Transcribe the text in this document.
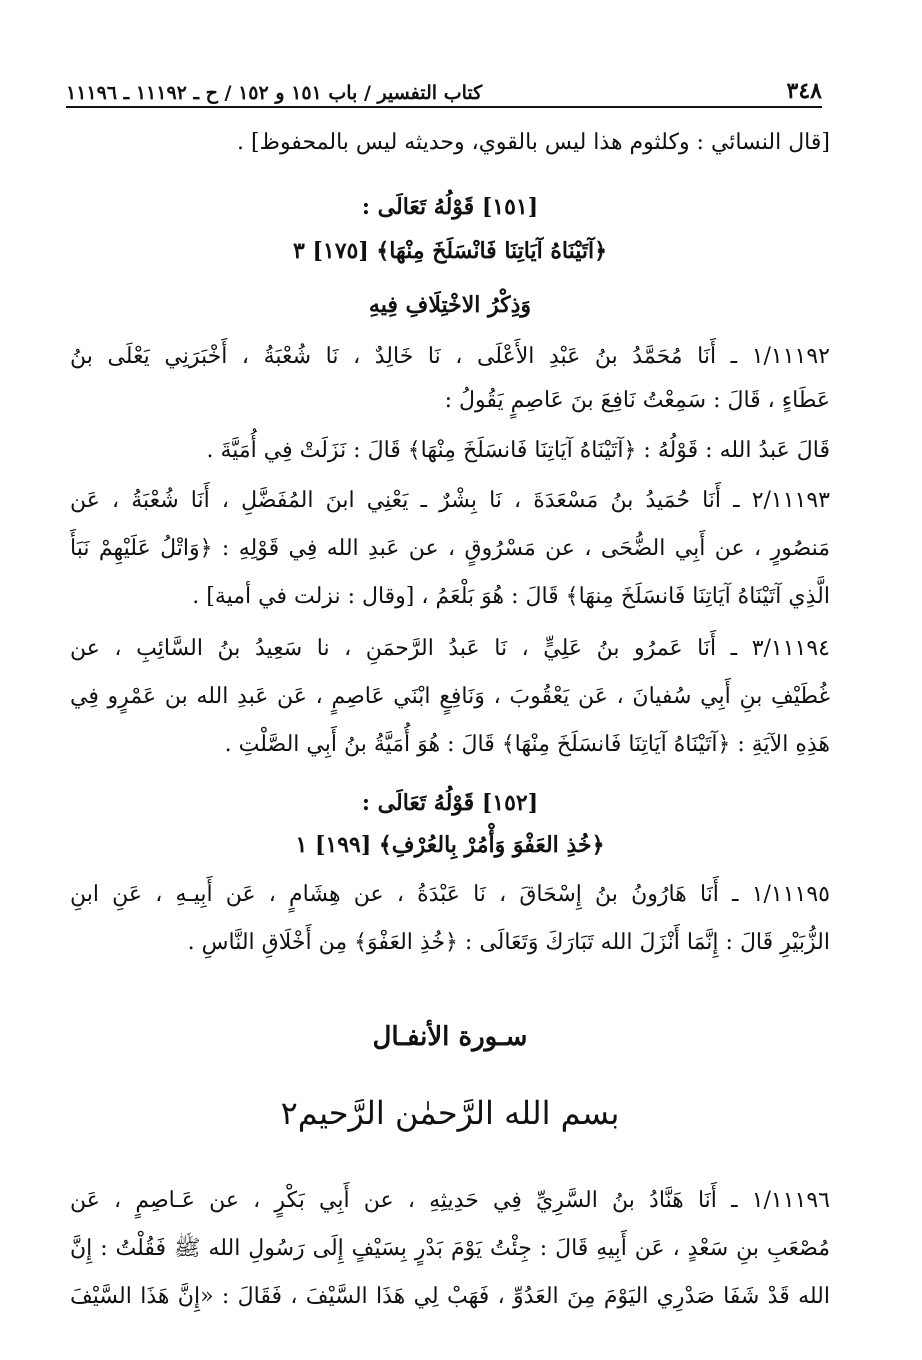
٣٤٨
كتاب التفسير / باب ١٥١ و ١٥٢ / ح ـ ١١١٩٢ ـ ١١١٩٦
[قال النسائي : وكلثوم هذا ليس بالقوي، وحديثه ليس بالمحفوظ] .
[١٥١] قَوْلُهُ تَعَالَى :
﴿آتَيْنَاهُ آيَاتِنَا فَانْسَلَخَ مِنْهَا﴾ [١٧٥] ٣
وَذِكْرُ الاخْتِلَافِ فِيهِ
١/١١١٩٢ ـ أَنَا مُحَمَّدُ بنُ عَبْدِ الأَعْلَى ، نَا خَالِدٌ ، نَا شُعْبَةُ ، أَخْبَرَنِي يَعْلَى بنُ
عَطَاءٍ ، قَالَ : سَمِعْتُ نَافِعَ بنَ عَاصِمٍ يَقُولُ :
قَالَ عَبدُ الله : قَوْلُهُ : ﴿آتَيْنَاهُ آيَاتِنَا فَانسَلَخَ مِنْهَا﴾ قَالَ : نَزَلَتْ فِي أُمَيَّةَ .
٢/١١١٩٣ ـ أَنَا حُمَيدُ بنُ مَسْعَدَةَ ، نَا بِشْرٌ ـ يَعْنِي ابنَ المُفَضَّلِ ، أَنَا شُعْبَةُ ، عَن
مَنصُورٍ ، عن أَبِي الضُّحَى ، عن مَسْرُوقٍ ، عن عَبدِ الله فِي قَوْلِهِ : ﴿وَاتْلُ عَلَيْهِمْ نَبَأَ
الَّذِي آتَيْنَاهُ آيَاتِنَا فَانسَلَخَ مِنهَا﴾ قَالَ : هُوَ بَلْعَمُ ، [وقال : نزلت في أمية] .
٣/١١١٩٤ ـ أَنَا عَمرُو بنُ عَلِيٍّ ، نَا عَبدُ الرَّحمَنِ ، نا سَعِيدُ بنُ السَّائِبِ ، عن
غُطَيْفِ بنِ أَبِي سُفيانَ ، عَن يَعْقُوبَ ، وَنَافِعٍ ابْنَي عَاصِمٍ ، عَن عَبدِ الله بن عَمْرٍو فِي
هَذِهِ الآيَةِ : ﴿آتَيْنَاهُ آيَاتِنَا فَانسَلَخَ مِنْهَا﴾ قَالَ : هُوَ أُمَيَّةُ بنُ أَبِي الصَّلْتِ .
[١٥٢] قَوْلُهُ تَعَالَى :
﴿خُذِ العَفْوَ وَأْمُرْ بِالعُرْفِ﴾ [١٩٩] ١
١/١١١٩٥ ـ أَنَا هَارُونُ بنُ إِسْحَاقَ ، نَا عَبْدَةُ ، عن هِشَامٍ ، عَن أَبِيـهِ ، عَنِ ابنِ
الزُّبَيْرِ قَالَ : إِنَّمَا أَنْزَلَ الله تَبَارَكَ وَتَعَالَى : ﴿خُذِ العَفْوَ﴾ مِن أَخْلَاقِ النَّاسِ .
سـورة الأنفـال
بسم الله الرَّحمٰن الرَّحيم٢
١/١١١٩٦ ـ أَنَا هَنَّادُ بنُ السَّرِيِّ فِي حَدِيثِهِ ، عن أَبِي بَكْرٍ ، عن عَـاصِمٍ ، عَن
مُصْعَبِ بنِ سَعْدٍ ، عَن أَبِيهِ قَالَ : جِئْتُ يَوْمَ بَدْرٍ بِسَيْفٍ إِلَى رَسُولِ الله ﷺ فَقُلْتُ : إِنَّ
الله قَدْ شَفَا صَدْرِي اليَوْمَ مِنَ العَدُوِّ ، فَهَبْ لِي هَذَا السَّيْفَ ، فَقَالَ : «إِنَّ هَذَا السَّيْفَ
